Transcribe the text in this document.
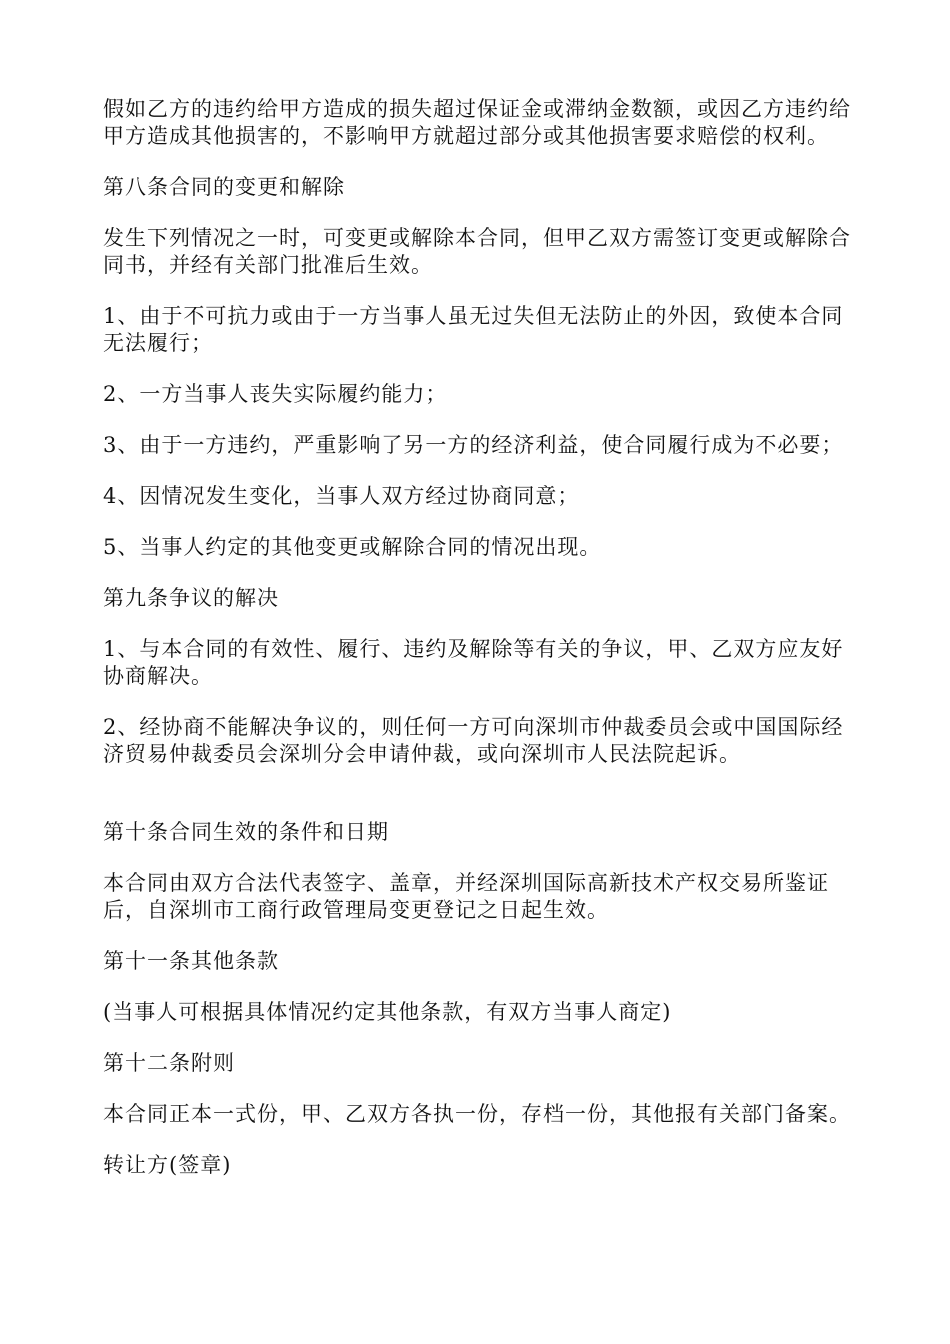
假如乙方的违约给甲方造成的损失超过保证金或滞纳金数额，或因乙方违约给甲方造成其他损害的，不影响甲方就超过部分或其他损害要求赔偿的权利。

第八条合同的变更和解除

发生下列情况之一时，可变更或解除本合同，但甲乙双方需签订变更或解除合同书，并经有关部门批准后生效。

1、由于不可抗力或由于一方当事人虽无过失但无法防止的外因，致使本合同无法履行；

2、一方当事人丧失实际履约能力；

3、由于一方违约，严重影响了另一方的经济利益，使合同履行成为不必要；

4、因情况发生变化，当事人双方经过协商同意；

5、当事人约定的其他变更或解除合同的情况出现。

第九条争议的解决

1、与本合同的有效性、履行、违约及解除等有关的争议，甲、乙双方应友好协商解决。

2、经协商不能解决争议的，则任何一方可向深圳市仲裁委员会或中国国际经济贸易仲裁委员会深圳分会申请仲裁，或向深圳市人民法院起诉。

第十条合同生效的条件和日期

本合同由双方合法代表签字、盖章，并经深圳国际高新技术产权交易所鉴证后，自深圳市工商行政管理局变更登记之日起生效。

第十一条其他条款

(当事人可根据具体情况约定其他条款，有双方当事人商定)

第十二条附则

本合同正本一式份，甲、乙双方各执一份，存档一份，其他报有关部门备案。

转让方(签章)
